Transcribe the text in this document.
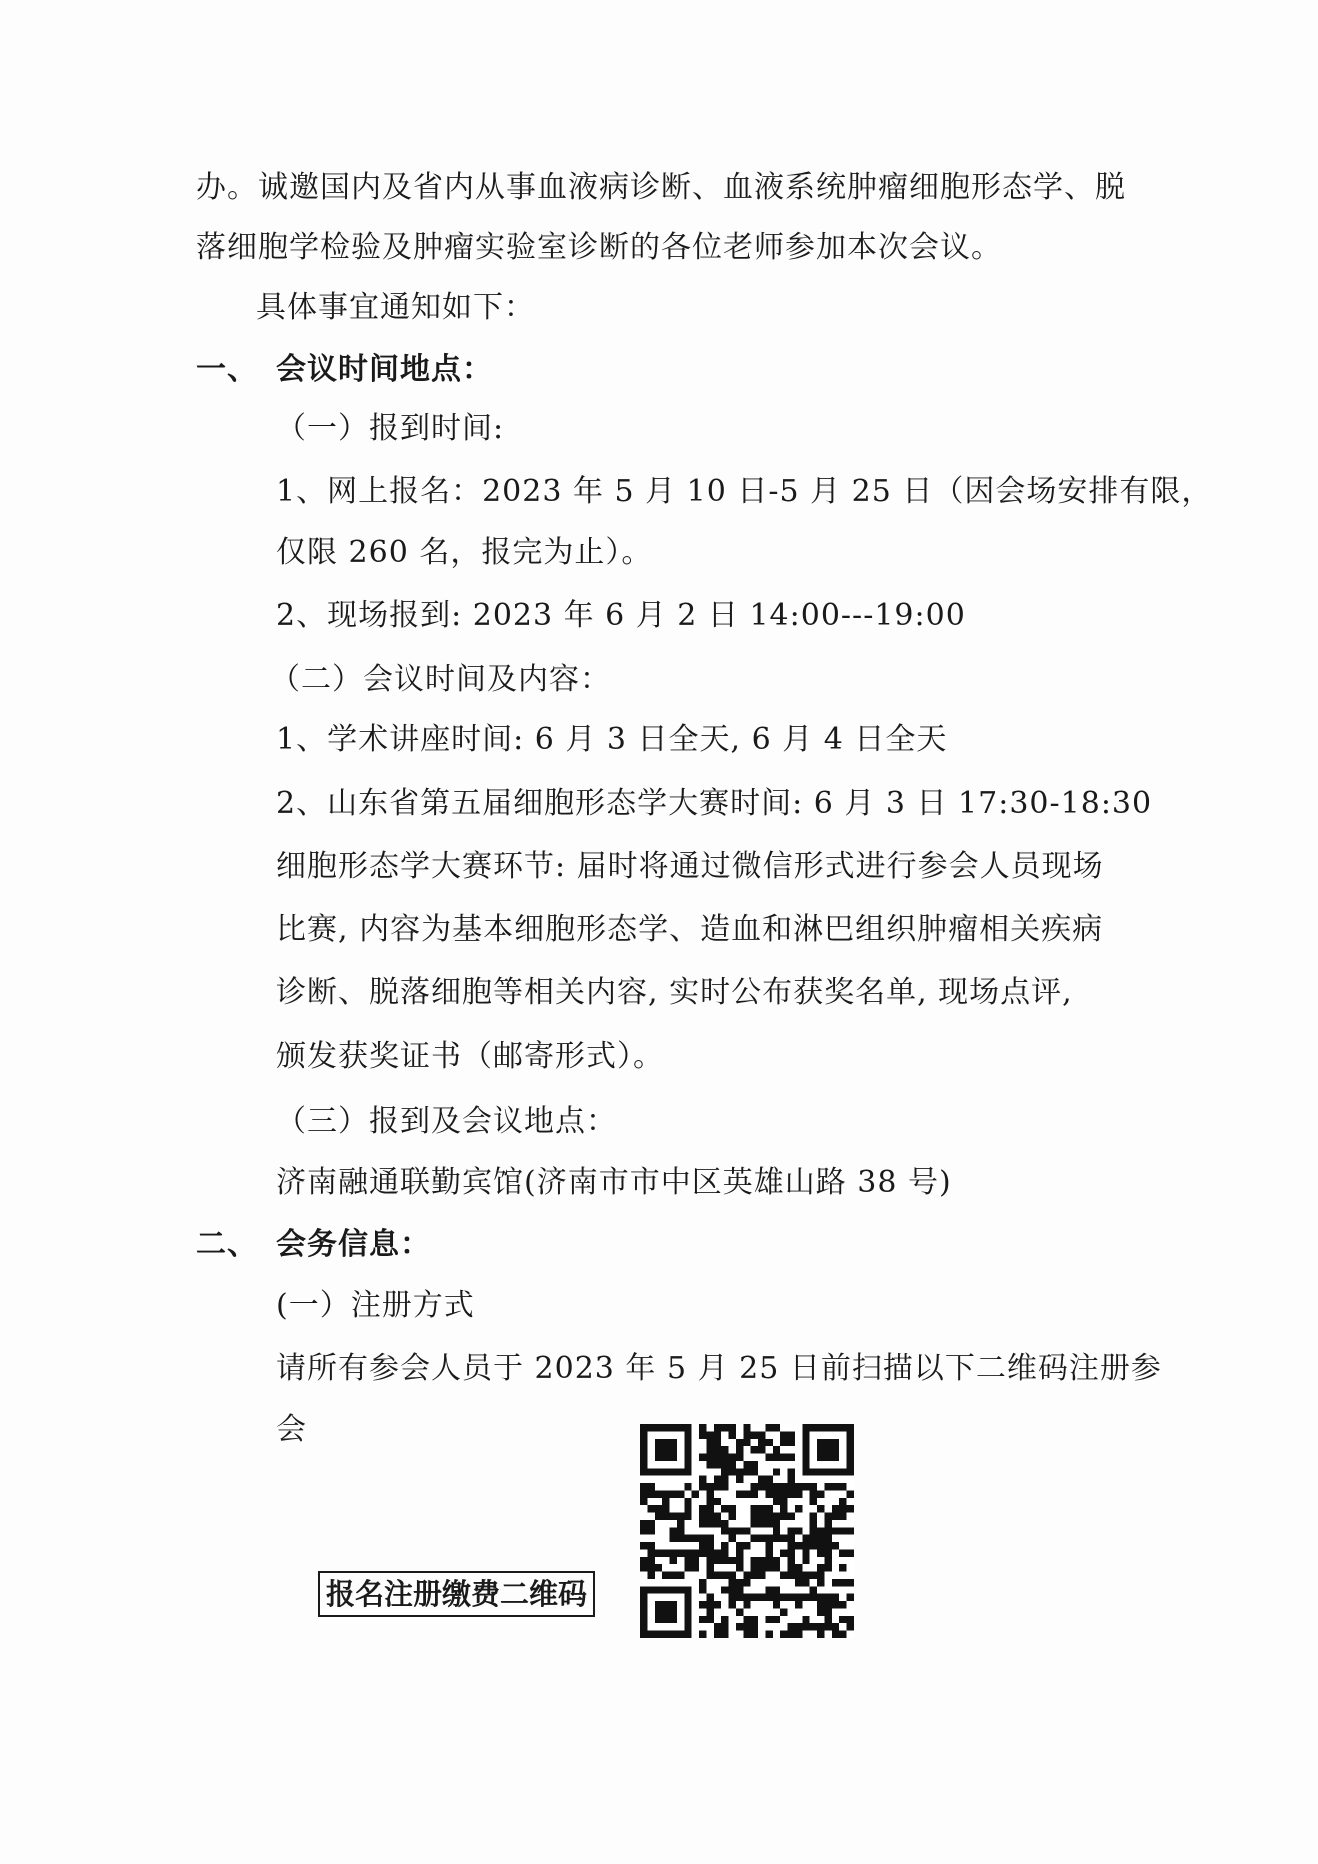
办。诚邀国内及省内从事血液病诊断、血液系统肿瘤细胞形态学、脱
落细胞学检验及肿瘤实验室诊断的各位老师参加本次会议。
具体事宜通知如下：
一、 会议时间地点：
（一）报到时间:
1、网上报名：2023 年 5 月 10 日-5 月 25 日（因会场安排有限，
仅限 260 名，报完为止）。
2、现场报到: 2023 年 6 月 2 日 14:00---19:00
（二）会议时间及内容：
1、学术讲座时间: 6 月 3 日全天, 6 月 4 日全天
2、山东省第五届细胞形态学大赛时间: 6 月 3 日 17:30-18:30
细胞形态学大赛环节: 届时将通过微信形式进行参会人员现场
比赛, 内容为基本细胞形态学、造血和淋巴组织肿瘤相关疾病
诊断、脱落细胞等相关内容, 实时公布获奖名单, 现场点评,
颁发获奖证书（邮寄形式）。
（三）报到及会议地点：
济南融通联勤宾馆(济南市市中区英雄山路 38 号)
二、 会务信息：
(一）注册方式
请所有参会人员于 2023 年 5 月 25 日前扫描以下二维码注册参
会
报名注册缴费二维码
